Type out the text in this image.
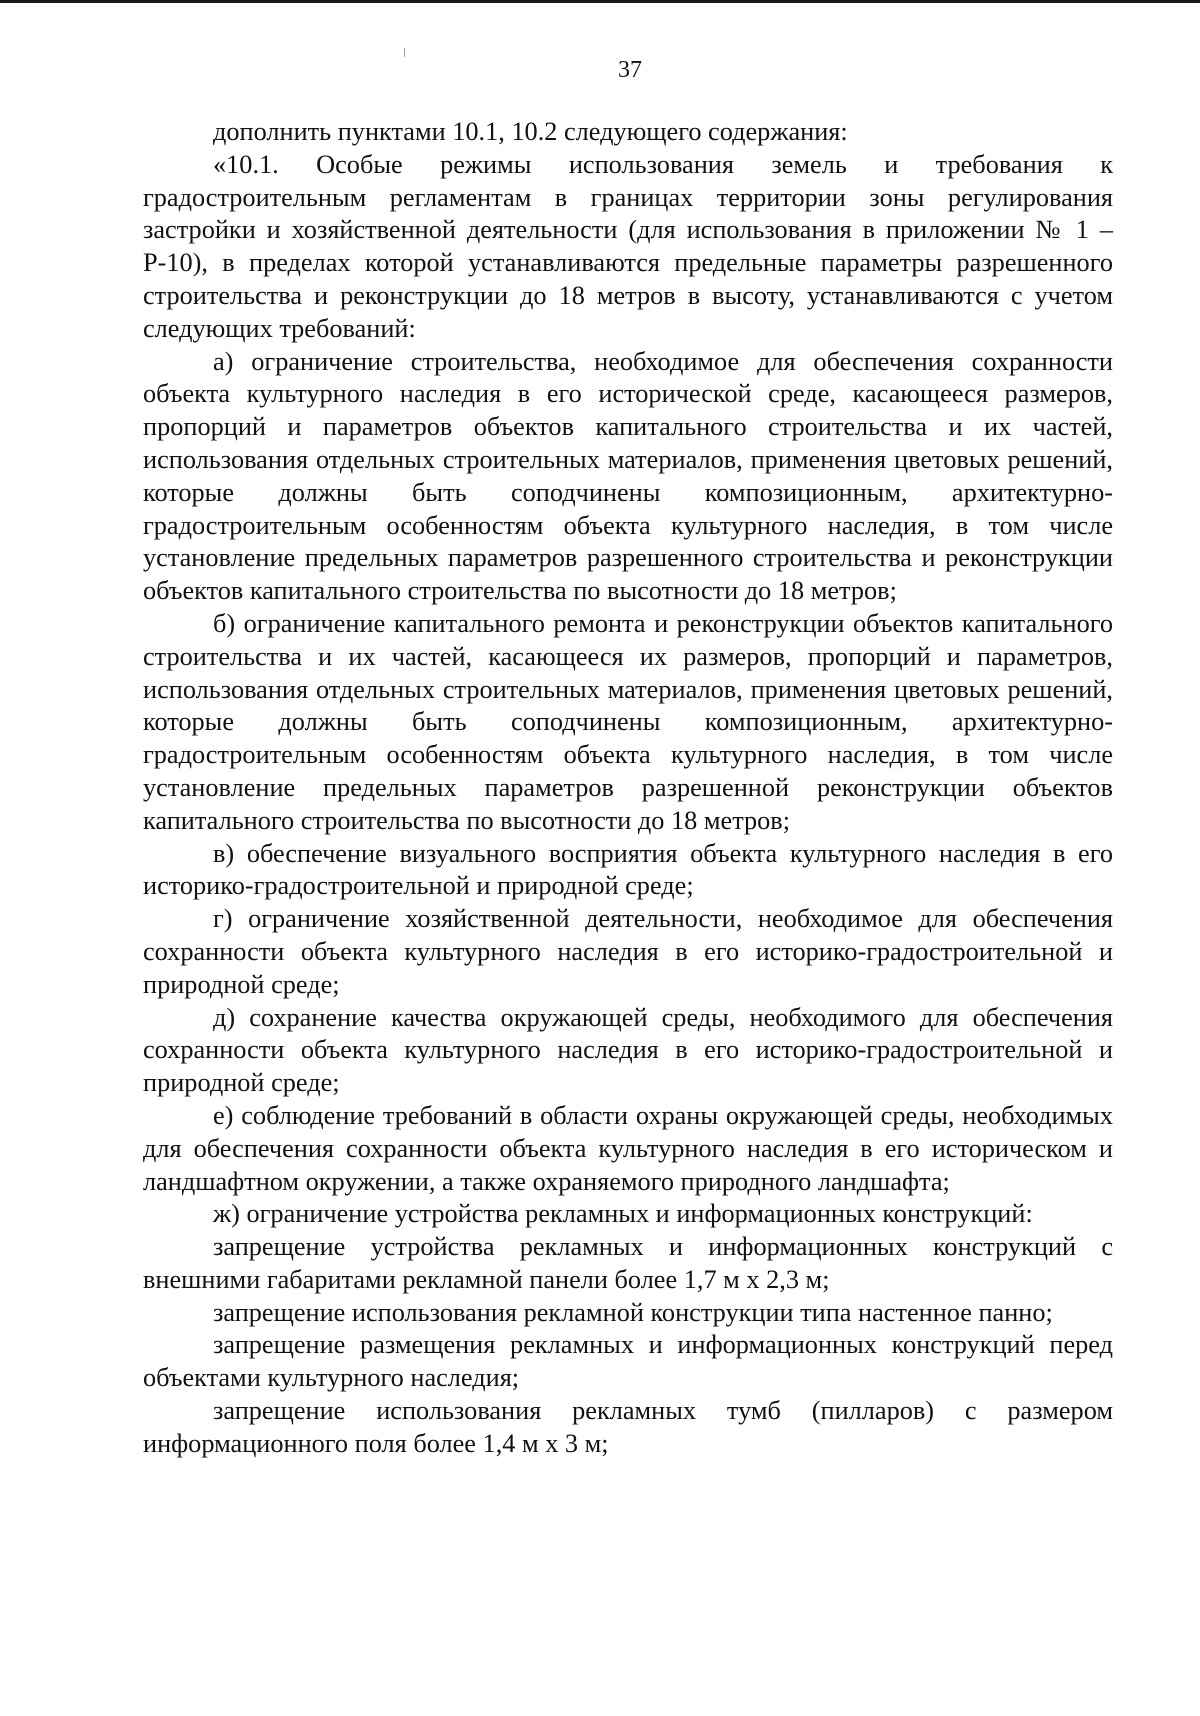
37

дополнить пунктами 10.1, 10.2 следующего содержания:

«10.1. Особые режимы использования земель и требования к градостроительным регламентам в границах территории зоны регулирования застройки и хозяйственной деятельности (для использования в приложении № 1 – Р-10), в пределах которой устанавливаются предельные параметры разрешенного строительства и реконструкции до 18 метров в высоту, устанавливаются с учетом следующих требований:

а) ограничение строительства, необходимое для обеспечения сохранности объекта культурного наследия в его исторической среде, касающееся размеров, пропорций и параметров объектов капитального строительства и их частей, использования отдельных строительных материалов, применения цветовых решений, которые должны быть соподчинены композиционным, архитектурно-градостроительным особенностям объекта культурного наследия, в том числе установление предельных параметров разрешенного строительства и реконструкции объектов капитального строительства по высотности до 18 метров;

б) ограничение капитального ремонта и реконструкции объектов капитального строительства и их частей, касающееся их размеров, пропорций и параметров, использования отдельных строительных материалов, применения цветовых решений, которые должны быть соподчинены композиционным, архитектурно-градостроительным особенностям объекта культурного наследия, в том числе установление предельных параметров разрешенной реконструкции объектов капитального строительства по высотности до 18 метров;

в) обеспечение визуального восприятия объекта культурного наследия в его историко-градостроительной и природной среде;

г) ограничение хозяйственной деятельности, необходимое для обеспечения сохранности объекта культурного наследия в его историко-градостроительной и природной среде;

д) сохранение качества окружающей среды, необходимого для обеспечения сохранности объекта культурного наследия в его историко-градостроительной и природной среде;

е) соблюдение требований в области охраны окружающей среды, необходимых для обеспечения сохранности объекта культурного наследия в его историческом и ландшафтном окружении, а также охраняемого природного ландшафта;

ж) ограничение устройства рекламных и информационных конструкций:

запрещение устройства рекламных и информационных конструкций с внешними габаритами рекламной панели более 1,7 м x 2,3 м;

запрещение использования рекламной конструкции типа настенное панно;

запрещение размещения рекламных и информационных конструкций перед объектами культурного наследия;

запрещение использования рекламных тумб (пилларов) с размером информационного поля более 1,4 м x 3 м;
